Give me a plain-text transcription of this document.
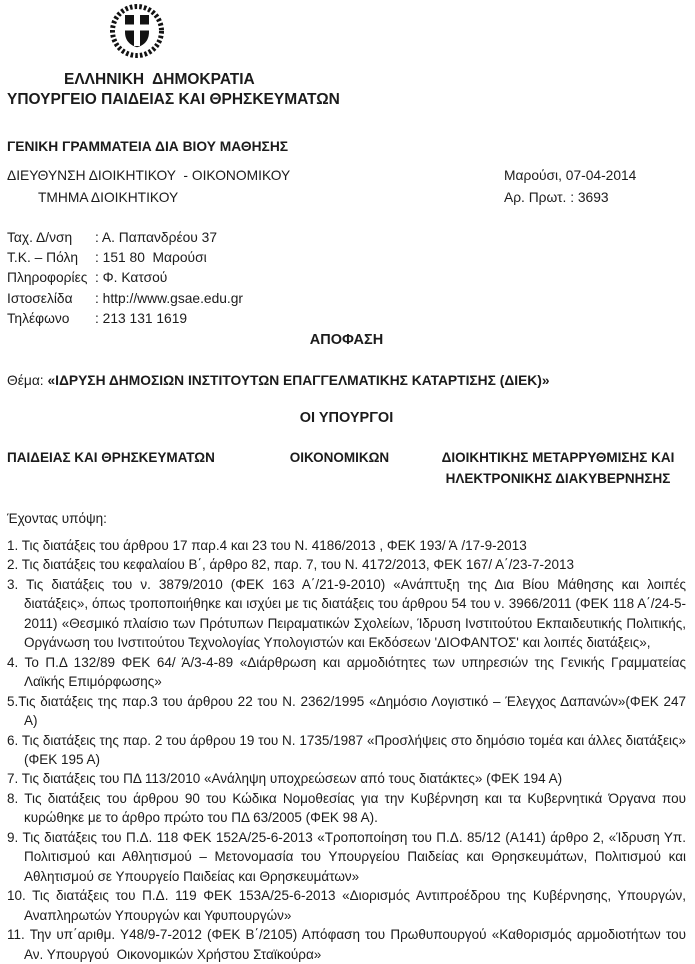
ΕΛΛΗΝΙΚΗ  ΔΗΜΟΚΡΑΤΙΑ
ΥΠΟΥΡΓΕΙΟ ΠΑΙΔΕΙΑΣ ΚΑΙ ΘΡΗΣΚΕΥΜΑΤΩΝ
ΓΕΝΙΚΗ ΓΡΑΜΜΑΤΕΙΑ ΔΙΑ ΒΙΟΥ ΜΑΘΗΣΗΣ
ΔΙΕΥΘΥΝΣΗ ΔΙΟΙΚΗΤΙΚΟΥ  - ΟΙΚΟΝΟΜΙΚΟΥ	Μαρούσι, 07-04-2014
ΤΜΗΜΑ ΔΙΟΙΚΗΤΙΚΟΥ	Αρ. Πρωτ. : 3693
Ταχ. Δ/νση : Α. Παπανδρέου 37
Τ.Κ. – Πόλη : 151 80  Μαρούσι
Πληροφορίες : Φ. Κατσού
Ιστοσελίδα : http://www.gsae.edu.gr
Τηλέφωνο : 213 131 1619
ΑΠΟΦΑΣΗ
Θέμα: «ΙΔΡΥΣΗ ΔΗΜΟΣΙΩΝ ΙΝΣΤΙΤΟΥΤΩΝ ΕΠΑΓΓΕΛΜΑΤΙΚΗΣ ΚΑΤΑΡΤΙΣΗΣ (ΔΙΕΚ)»
ΟΙ ΥΠΟΥΡΓΟΙ
ΠΑΙΔΕΙΑΣ ΚΑΙ ΘΡΗΣΚΕΥΜΑΤΩΝ	ΟΙΚΟΝΟΜΙΚΩΝ	ΔΙΟΙΚΗΤΙΚΗΣ ΜΕΤΑΡΡΥΘΜΙΣΗΣ ΚΑΙ ΗΛΕΚΤΡΟΝΙΚΗΣ ΔΙΑΚΥΒΕΡΝΗΣΗΣ
Έχοντας υπόψη:

1. Τις διατάξεις του άρθρου 17 παρ.4 και 23 του Ν. 4186/2013 , ΦΕΚ 193/ Ά /17-9-2013

2. Τις διατάξεις του κεφαλαίου Β΄, άρθρο 82, παρ. 7, του Ν. 4172/2013, ΦΕΚ 167/ Α΄/23-7-2013

3. Τις διατάξεις του ν. 3879/2010 (ΦΕΚ 163 Α΄/21-9-2010) «Ανάπτυξη της Δια Βίου Μάθησης και λοιπές διατάξεις», όπως τροποποιήθηκε και ισχύει με τις διατάξεις του άρθρου 54 του ν. 3966/2011 (ΦΕΚ 118 Α΄/24-5-2011) «Θεσμικό πλαίσιο των Πρότυπων Πειραματικών Σχολείων, Ίδρυση Ινστιτούτου Εκπαιδευτικής Πολιτικής, Οργάνωση του Ινστιτούτου Τεχνολογίας Υπολογιστών και Εκδόσεων 'ΔΙΟΦΑΝΤΟΣ' και λοιπές διατάξεις»,

4. Το Π.Δ 132/89 ΦΕΚ 64/ Ά/3-4-89 «Διάρθρωση και αρμοδιότητες των υπηρεσιών της Γενικής Γραμματείας Λαϊκής Επιμόρφωσης»

5.Τις διατάξεις της παρ.3 του άρθρου 22 του Ν. 2362/1995 «Δημόσιο Λογιστικό – Έλεγχος Δαπανών»(ΦΕΚ 247 Α)

6. Τις διατάξεις της παρ. 2 του άρθρου 19 του Ν. 1735/1987 «Προσλήψεις στο δημόσιο τομέα και άλλες διατάξεις» (ΦΕΚ 195 Α)

7. Τις διατάξεις του ΠΔ 113/2010 «Ανάληψη υποχρεώσεων από τους διατάκτες» (ΦΕΚ 194 Α)

8. Τις διατάξεις του άρθρου 90 του Κώδικα Νομοθεσίας για την Κυβέρνηση και τα Κυβερνητικά Όργανα που κυρώθηκε με το άρθρο πρώτο του ΠΔ 63/2005 (ΦΕΚ 98 Α).

9. Τις διατάξεις του Π.Δ. 118 ΦΕΚ 152Α/25-6-2013 «Τροποποίηση του Π.Δ. 85/12 (Α141) άρθρο 2, «Ίδρυση Υπ. Πολιτισμού και Αθλητισμού – Μετονομασία του Υπουργείου Παιδείας και Θρησκευμάτων, Πολιτισμού και Αθλητισμού σε Υπουργείο Παιδείας και Θρησκευμάτων»

10. Τις διατάξεις του Π.Δ. 119 ΦΕΚ 153Α/25-6-2013 «Διορισμός Αντιπροέδρου της Κυβέρνησης, Υπουργών, Αναπληρωτών Υπουργών και Υφυπουργών»

11. Την υπ΄αριθμ. Υ48/9-7-2012 (ΦΕΚ Β΄/2105) Απόφαση του Πρωθυπουργού «Καθορισμός αρμοδιοτήτων του Αν. Υπουργού  Οικονομικών Χρήστου Σταϊκούρα»
